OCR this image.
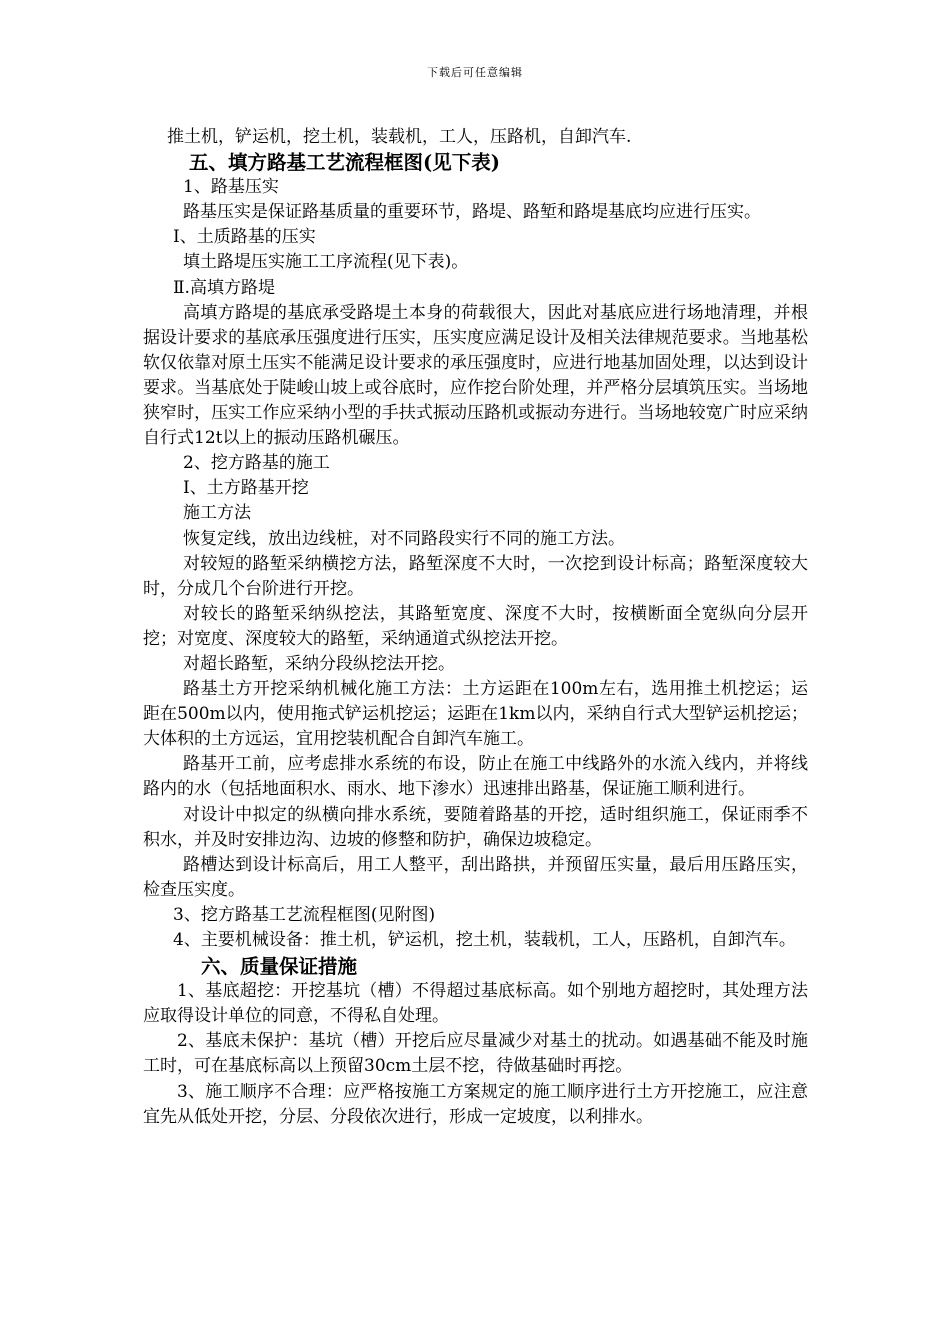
下载后可任意编辑

推土机，铲运机，挖土机，装载机，工人，压路机，自卸汽车.

五、填方路基工艺流程框图(见下表)

1、路基压实

路基压实是保证路基质量的重要环节，路堤、路堑和路堤基底均应进行压实。

Ⅰ、土质路基的压实

填土路堤压实施工工序流程(见下表)。

Ⅱ.高填方路堤

高填方路堤的基底承受路堤土本身的荷载很大，因此对基底应进行场地清理，并根据设计要求的基底承压强度进行压实，压实度应满足设计及相关法律规范要求。当地基松软仅依靠对原土压实不能满足设计要求的承压强度时，应进行地基加固处理，以达到设计要求。当基底处于陡峻山坡上或谷底时，应作挖台阶处理，并严格分层填筑压实。当场地狭窄时，压实工作应采纳小型的手扶式振动压路机或振动夯进行。当场地较宽广时应采纳自行式12t以上的振动压路机碾压。

2、挖方路基的施工

Ⅰ、土方路基开挖

施工方法

恢复定线，放出边线桩，对不同路段实行不同的施工方法。

对较短的路堑采纳横挖方法，路堑深度不大时，一次挖到设计标高；路堑深度较大时，分成几个台阶进行开挖。

对较长的路堑采纳纵挖法，其路堑宽度、深度不大时，按横断面全宽纵向分层开挖；对宽度、深度较大的路堑，采纳通道式纵挖法开挖。

对超长路堑，采纳分段纵挖法开挖。

路基土方开挖采纳机械化施工方法：土方运距在100m左右，选用推土机挖运；运距在500m以内，使用拖式铲运机挖运；运距在1km以内，采纳自行式大型铲运机挖运；大体积的土方远运，宜用挖装机配合自卸汽车施工。

路基开工前，应考虑排水系统的布设，防止在施工中线路外的水流入线内，并将线路内的水（包括地面积水、雨水、地下渗水）迅速排出路基，保证施工顺利进行。

对设计中拟定的纵横向排水系统，要随着路基的开挖，适时组织施工，保证雨季不积水，并及时安排边沟、边坡的修整和防护，确保边坡稳定。

路槽达到设计标高后，用工人整平，刮出路拱，并预留压实量，最后用压路压实，检查压实度。

3、挖方路基工艺流程框图(见附图)

4、主要机械设备：推土机，铲运机，挖土机，装载机，工人，压路机，自卸汽车。

六、质量保证措施

1、基底超挖：开挖基坑（槽）不得超过基底标高。如个别地方超挖时，其处理方法应取得设计单位的同意，不得私自处理。

2、基底未保护：基坑（槽）开挖后应尽量减少对基土的扰动。如遇基础不能及时施工时，可在基底标高以上预留30cm土层不挖，待做基础时再挖。

3、施工顺序不合理：应严格按施工方案规定的施工顺序进行土方开挖施工，应注意宜先从低处开挖，分层、分段依次进行，形成一定坡度，以利排水。
